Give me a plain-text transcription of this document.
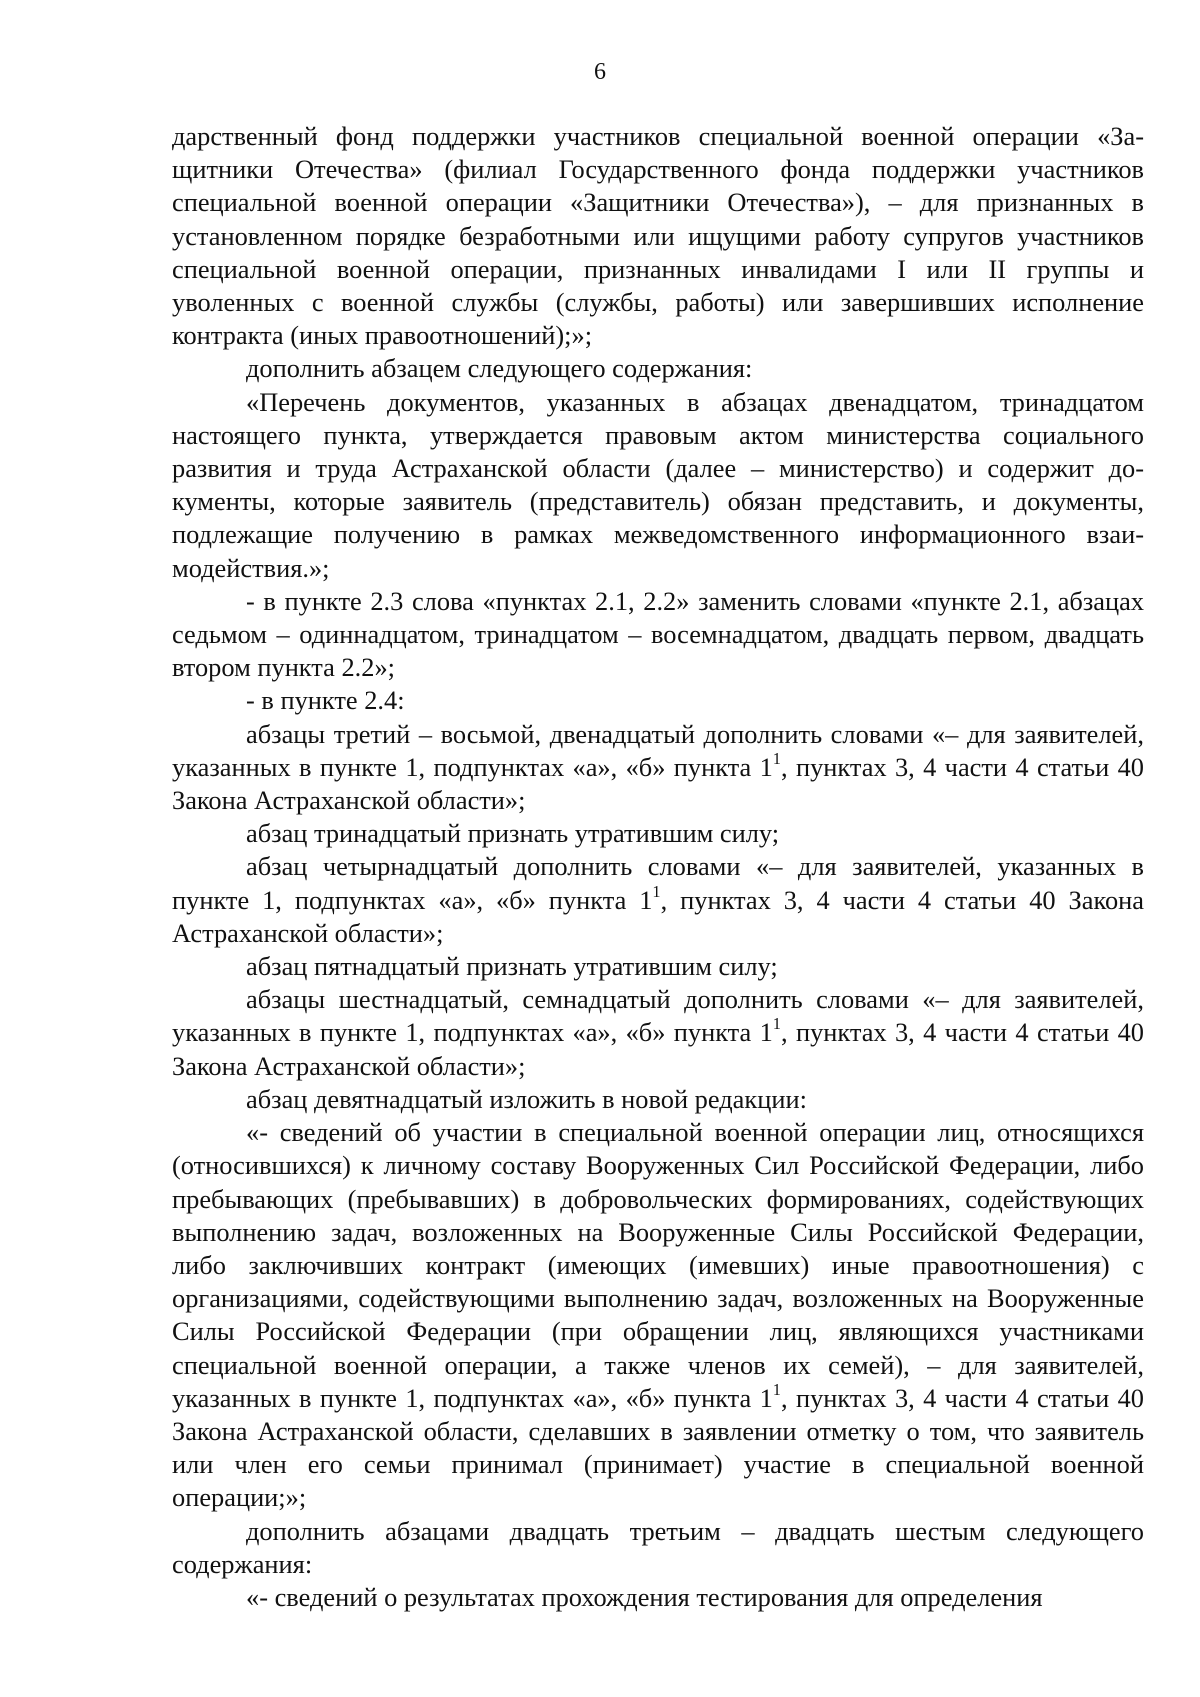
6

дарственный фонд поддержки участников специальной военной операции «Защитники Отечества» (филиал Государственного фонда поддержки участников специальной военной операции «Защитники Отечества»), – для признанных в установленном порядке безработными или ищущими работу супругов участников специальной военной операции, признанных инвалидами I или II группы и уволенных с военной службы (службы, работы) или завершивших исполнение контракта (иных правоотношений);»;

дополнить абзацем следующего содержания:

«Перечень документов, указанных в абзацах двенадцатом, тринадцатом настоящего пункта, утверждается правовым актом министерства социального развития и труда Астраханской области (далее – министерство) и содержит документы, которые заявитель (представитель) обязан представить, и документы, подлежащие получению в рамках межведомственного информационного взаимодействия.»;

- в пункте 2.3 слова «пунктах 2.1, 2.2» заменить словами «пункте 2.1, абзацах седьмом – одиннадцатом, тринадцатом – восемнадцатом, двадцать первом, двадцать втором пункта 2.2»;

- в пункте 2.4:

абзацы третий – восьмой, двенадцатый дополнить словами «– для заявителей, указанных в пункте 1, подпунктах «а», «б» пункта $1^1$, пунктах 3, 4 части 4 статьи 40 Закона Астраханской области»;

абзац тринадцатый признать утратившим силу;

абзац четырнадцатый дополнить словами «– для заявителей, указанных в пункте 1, подпунктах «а», «б» пункта $1^1$, пунктах 3, 4 части 4 статьи 40 Закона Астраханской области»;

абзац пятнадцатый признать утратившим силу;

абзацы шестнадцатый, семнадцатый дополнить словами «– для заявителей, указанных в пункте 1, подпунктах «а», «б» пункта $1^1$, пунктах 3, 4 части 4 статьи 40 Закона Астраханской области»;

абзац девятнадцатый изложить в новой редакции:

«- сведений об участии в специальной военной операции лиц, относящихся (относившихся) к личному составу Вооруженных Сил Российской Федерации, либо пребывающих (пребывавших) в добровольческих формированиях, содействующих выполнению задач, возложенных на Вооруженные Силы Российской Федерации, либо заключивших контракт (имеющих (имевших) иные правоотношения) с организациями, содействующими выполнению задач, возложенных на Вооруженные Силы Российской Федерации (при обращении лиц, являющихся участниками специальной военной операции, а также членов их семей), – для заявителей, указанных в пункте 1, подпунктах «а», «б» пункта $1^1$, пунктах 3, 4 части 4 статьи 40 Закона Астраханской области, сделавших в заявлении отметку о том, что заявитель или член его семьи принимал (принимает) участие в специальной военной операции;»;

дополнить абзацами двадцать третьим – двадцать шестым следующего содержания:

«- сведений о результатах прохождения тестирования для определения
